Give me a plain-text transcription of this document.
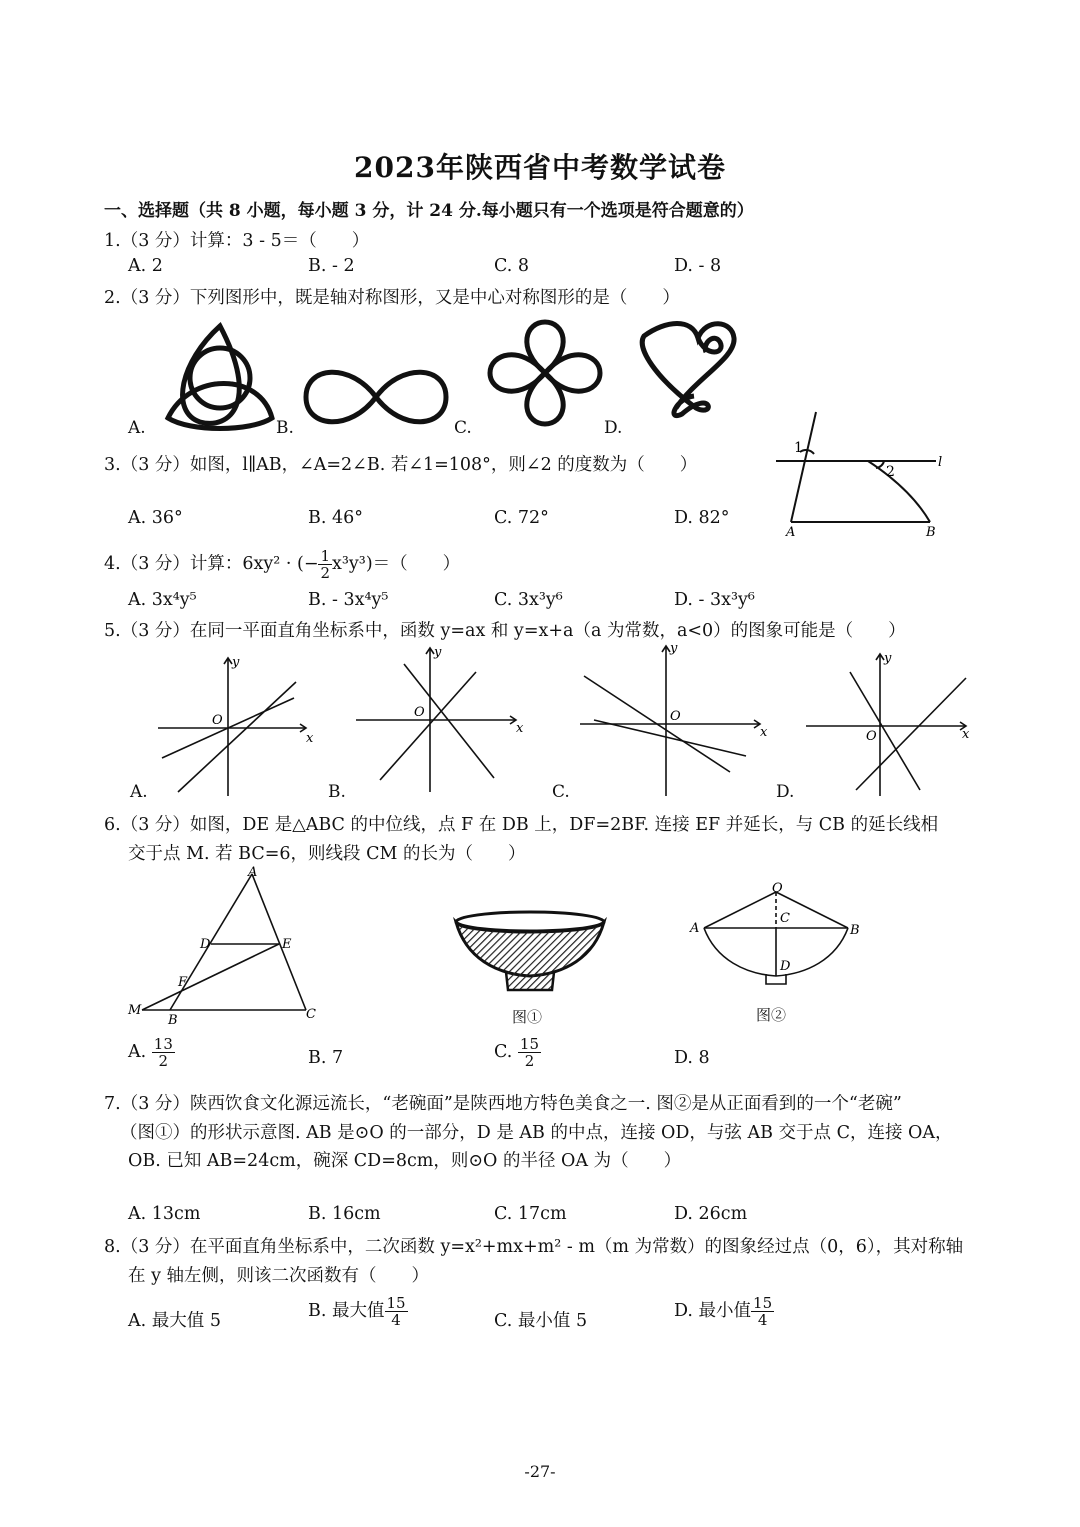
2023年陕西省中考数学试卷
一、选择题（共 8 小题，每小题 3 分，计 24 分.每小题只有一个选项是符合题意的）
1.（3 分）计算：3 - 5＝（　　）
A. 2	B. - 2	C. 8	D. - 8
2.（3 分）下列图形中，既是轴对称图形，又是中心对称图形的是（　　）
A.	B.	C.	D.
3.（3 分）如图，l∥AB，∠A=2∠B. 若∠1=108°，则∠2 的度数为（　　）
A. 36°	B. 46°	C. 72°	D. 82°
1
2
l
A	B
4.（3 分）计算：6xy² · (− $\frac{1}{2} x^3y^3)=$（　　）
A. 3x⁴y⁵	B. - 3x⁴y⁵	C. 3x³y⁶	D. - 3x³y⁶
5.（3 分）在同一平面直角坐标系中，函数 y=ax 和 y=x+a（a 为常数，a<0）的图象可能是（　　）
O
x
y
O
x
y
O
x
y
O	x
y
A.	B.	C.	D.
6.（3 分）如图，DE 是△ABC 的中位线，点 F 在 DB 上，DF=2BF. 连接 EF 并延长，与 CB 的延长线相
交于点 M. 若 BC=6，则线段 CM 的长为（　　）
A
D	E
F
M
B	C	图①
O
C
A	B
D
图②
A. $\frac{13}{2}$	B. 7	C. $\frac{15}{2}$	D. 8
7.（3 分）陕西饮食文化源远流长，“老碗面”是陕西地方特色美食之一. 图②是从正面看到的一个“老碗”
（图①）的形状示意图. AB 是⊙O 的一部分，D 是 AB 的中点，连接 OD，与弦 AB 交于点 C，连接 OA，
OB. 已知 AB=24cm，碗深 CD=8cm，则⊙O 的半径 OA 为（　　）
A. 13cm	B. 16cm	C. 17cm	D. 26cm
8.（3 分）在平面直角坐标系中，二次函数 y=x²+mx+m² - m（m 为常数）的图象经过点（0，6），其对称轴
在 y 轴左侧，则该二次函数有（　　）
A. 最大值 5	B. 最大值 $\frac{15}{4}$	C. 最小值 5	D. 最小值 $\frac{15}{4}$
-27-
